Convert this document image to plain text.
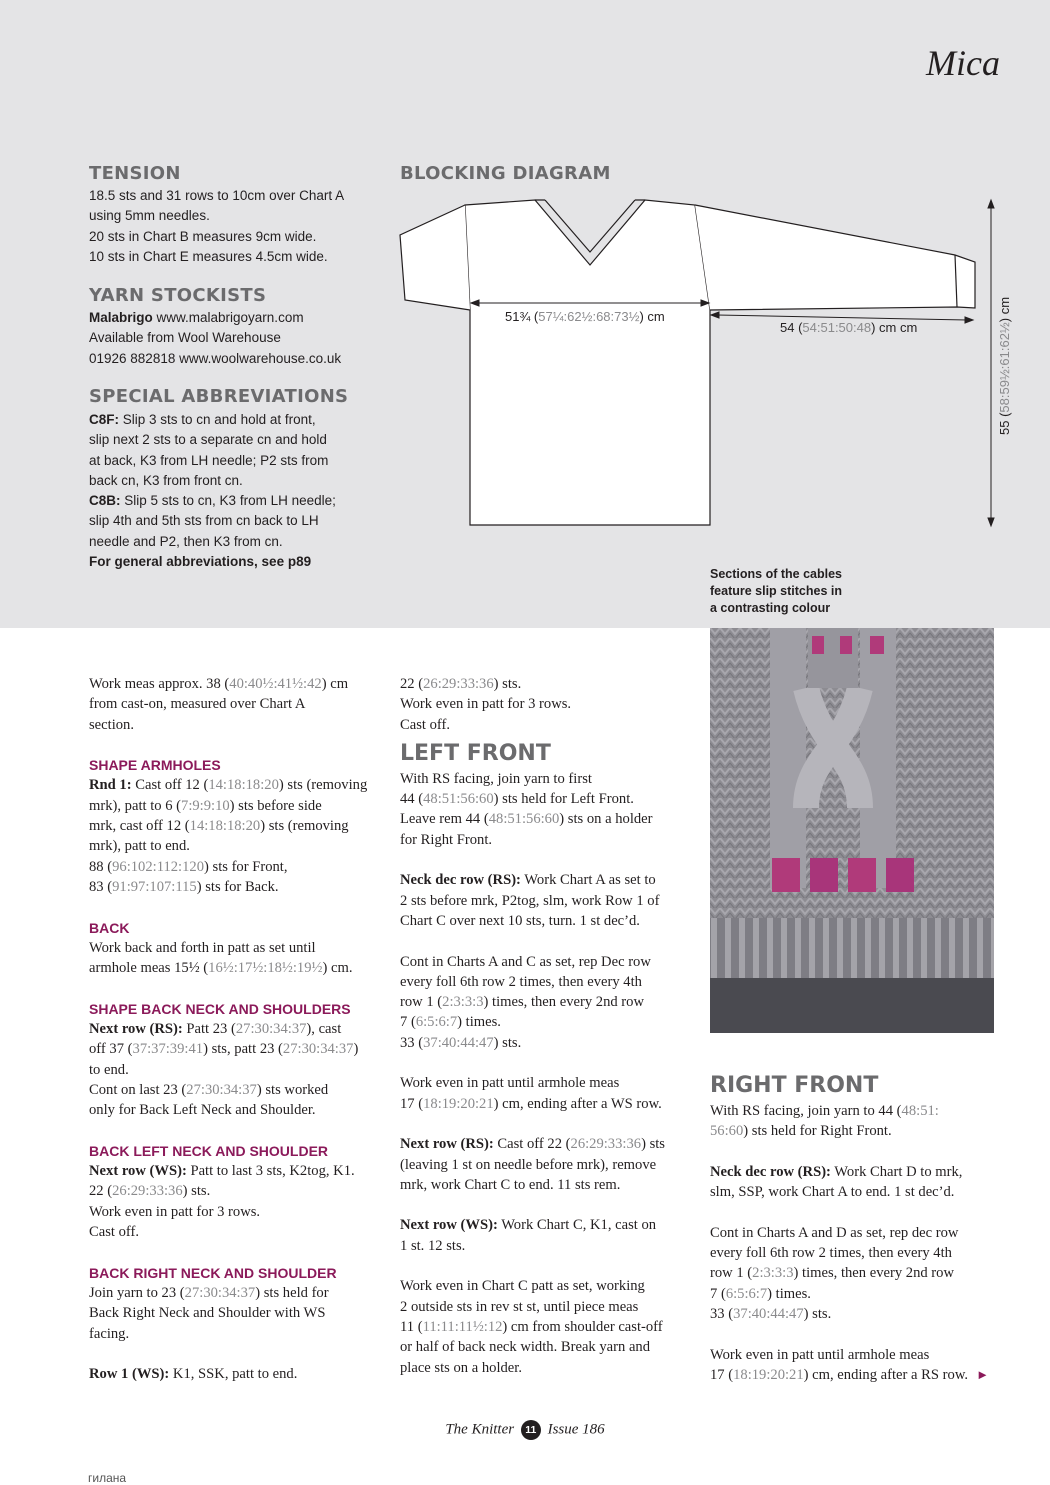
Mica
TENSION
18.5 sts and 31 rows to 10cm over Chart A
using 5mm needles.
20 sts in Chart B measures 9cm wide.
10 sts in Chart E measures 4.5cm wide.
YARN STOCKISTS
Malabrigo www.malabrigoyarn.com
Available from Wool Warehouse
01926 882818 www.woolwarehouse.co.uk
SPECIAL ABBREVIATIONS
C8F: Slip 3 sts to cn and hold at front,
slip next 2 sts to a separate cn and hold
at back, K3 from LH needle; P2 sts from
back cn, K3 from front cn.
C8B: Slip 5 sts to cn, K3 from LH needle;
slip 4th and 5th sts from cn back to LH
needle and P2, then K3 from cn.
For general abbreviations, see p89
BLOCKING DIAGRAM
51¾ (57¼:62½:68:73½) cm
54 (54:51:50:48) cm cm
55 (58:59½:61:62½) cm
Sections of the cables
feature slip stitches in
a contrasting colour

Work meas approx. 38 (40:40½:41½:42) cm

from cast-on, measured over Chart A

section.

SHAPE ARMHOLES

Rnd 1: Cast off 12 (14:18:18:20) sts (removing

mrk), patt to 6 (7:9:9:10) sts before side

mrk, cast off 12 (14:18:18:20) sts (removing

mrk), patt to end.

88 (96:102:112:120) sts for Front,

83 (91:97:107:115) sts for Back.

BACK

Work back and forth in patt as set until

armhole meas 15½ (16½:17½:18½:19½) cm.

SHAPE BACK NECK AND SHOULDERS

Next row (RS): Patt 23 (27:30:34:37), cast

off 37 (37:37:39:41) sts, patt 23 (27:30:34:37)

to end.

Cont on last 23 (27:30:34:37) sts worked

only for Back Left Neck and Shoulder.

BACK LEFT NECK AND SHOULDER

Next row (WS): Patt to last 3 sts, K2tog, K1.

22 (26:29:33:36) sts.

Work even in patt for 3 rows.

Cast off.

BACK RIGHT NECK AND SHOULDER

Join yarn to 23 (27:30:34:37) sts held for

Back Right Neck and Shoulder with WS

facing.

Row 1 (WS): K1, SSK, patt to end.

22 (26:29:33:36) sts.

Work even in patt for 3 rows.

Cast off.

LEFT FRONT

With RS facing, join yarn to first

44 (48:51:56:60) sts held for Left Front.

Leave rem 44 (48:51:56:60) sts on a holder

for Right Front.

Neck dec row (RS): Work Chart A as set to

2 sts before mrk, P2tog, slm, work Row 1 of

Chart C over next 10 sts, turn. 1 st dec’d.

Cont in Charts A and C as set, rep Dec row

every foll 6th row 2 times, then every 4th

row 1 (2:3:3:3) times, then every 2nd row

7 (6:5:6:7) times.

33 (37:40:44:47) sts.

Work even in patt until armhole meas

17 (18:19:20:21) cm, ending after a WS row.

Next row (RS): Cast off 22 (26:29:33:36) sts

(leaving 1 st on needle before mrk), remove

mrk, work Chart C to end. 11 sts rem.

Next row (WS): Work Chart C, K1, cast on

1 st. 12 sts.

Work even in Chart C patt as set, working

2 outside sts in rev st st, until piece meas

11 (11:11:11½:12) cm from shoulder cast-off

or half of back neck width. Break yarn and

place sts on a holder.

RIGHT FRONT

With RS facing, join yarn to 44 (48:51:

56:60) sts held for Right Front.

Neck dec row (RS): Work Chart D to mrk,

slm, SSP, work Chart A to end. 1 st dec’d.

Cont in Charts A and D as set, rep dec row

every foll 6th row 2 times, then every 4th

row 1 (2:3:3:3) times, then every 2nd row

7 (6:5:6:7) times.

33 (37:40:44:47) sts.

Work even in patt until armhole meas

17 (18:19:20:21) cm, ending after a RS row. ►

The Knitter 11 Issue 186
гилана
